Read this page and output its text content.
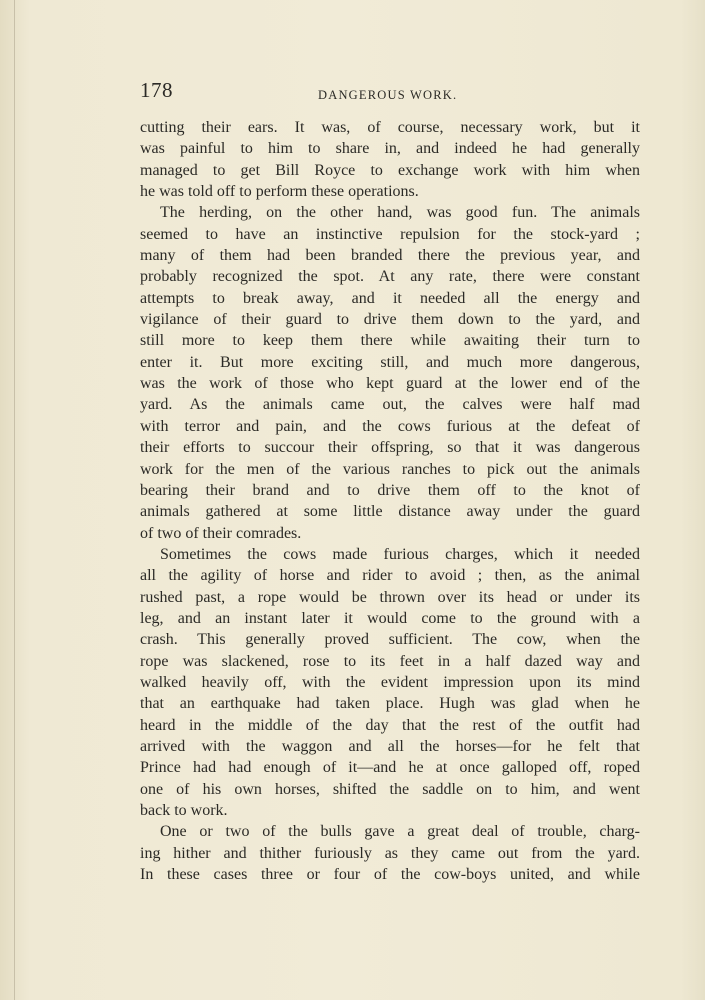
178	DANGEROUS WORK.
cutting their ears. It was, of course, necessary work, but it
was painful to him to share in, and indeed he had generally
managed to get Bill Royce to exchange work with him when
he was told off to perform these operations.
The herding, on the other hand, was good fun. The animals
seemed to have an instinctive repulsion for the stock-yard ;
many of them had been branded there the previous year, and
probably recognized the spot. At any rate, there were constant
attempts to break away, and it needed all the energy and
vigilance of their guard to drive them down to the yard, and
still more to keep them there while awaiting their turn to
enter it. But more exciting still, and much more dangerous,
was the work of those who kept guard at the lower end of the
yard. As the animals came out, the calves were half mad
with terror and pain, and the cows furious at the defeat of
their efforts to succour their offspring, so that it was dangerous
work for the men of the various ranches to pick out the animals
bearing their brand and to drive them off to the knot of
animals gathered at some little distance away under the guard
of two of their comrades.
Sometimes the cows made furious charges, which it needed
all the agility of horse and rider to avoid ; then, as the animal
rushed past, a rope would be thrown over its head or under its
leg, and an instant later it would come to the ground with a
crash. This generally proved sufficient. The cow, when the
rope was slackened, rose to its feet in a half dazed way and
walked heavily off, with the evident impression upon its mind
that an earthquake had taken place. Hugh was glad when he
heard in the middle of the day that the rest of the outfit had
arrived with the waggon and all the horses—for he felt that
Prince had had enough of it—and he at once galloped off, roped
one of his own horses, shifted the saddle on to him, and went
back to work.
One or two of the bulls gave a great deal of trouble, charg-
ing hither and thither furiously as they came out from the yard.
In these cases three or four of the cow-boys united, and while
